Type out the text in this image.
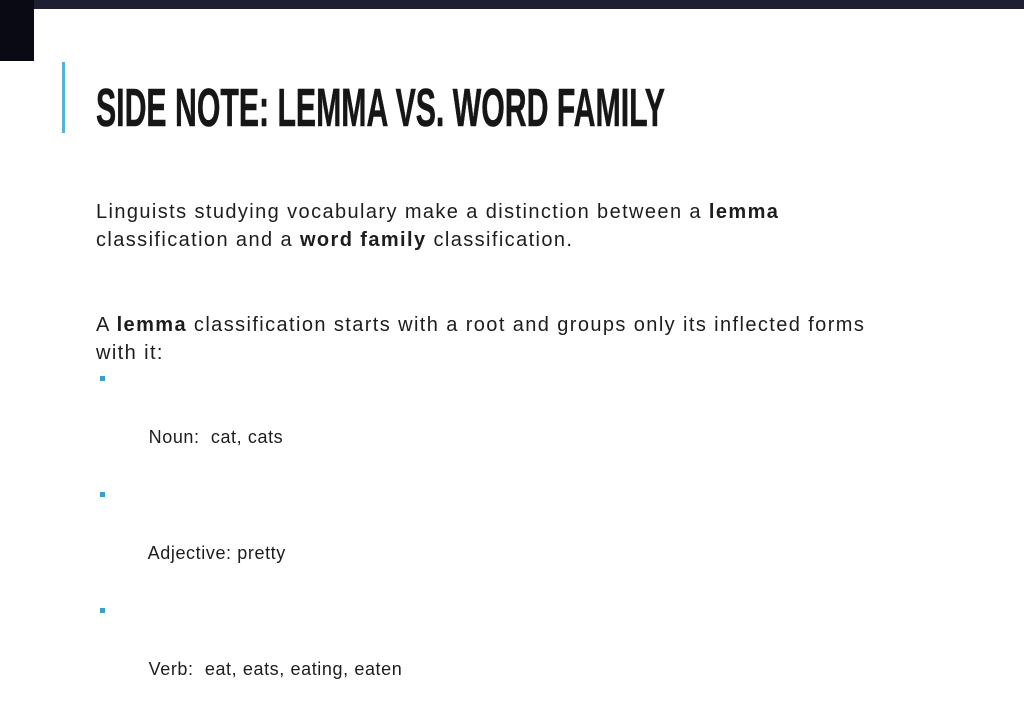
SIDE NOTE: LEMMA VS. WORD FAMILY

Linguists studying vocabulary make a distinction between a lemma
classification and a word family classification.

A lemma classification starts with a root and groups only its inflected forms
with it:

Noun:  cat, cats

Adjective: pretty

Verb:  eat, eats, eating, eaten
